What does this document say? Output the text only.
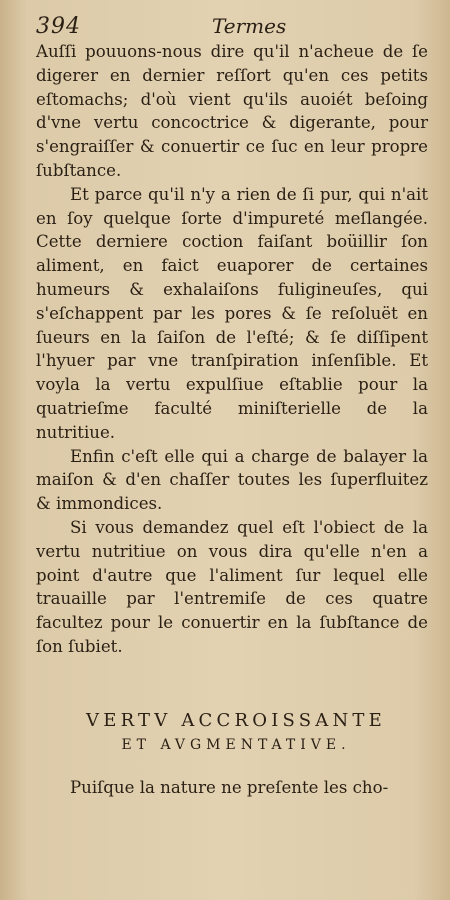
394	Termes

Auſſi pouuons-nous dire qu'il n'acheue de ſe digerer en dernier reſſort qu'en ces petits eſtomachs; d'où vient qu'ils auoiét beſoing d'vne vertu concoctrice & digerante, pour s'engraiſſer & conuertir ce ſuc en leur propre ſubſtance.

Et parce qu'il n'y a rien de ſi pur, qui n'ait en ſoy quelque ſorte d'impureté meſlangée. Cette derniere coction faiſant boüillir ſon aliment, en faict euaporer de certaines humeurs & exhalaiſons fuligineuſes, qui s'eſchappent par les pores & ſe reſoluët en ſueurs en la ſaiſon de l'eſté; & ſe diſſipent l'hyuer par vne tranſpiration inſenſible. Et voyla la vertu expulſiue eſtablie pour la quatrieſme faculté miniſterielle de la nutritiue.

Enfin c'eſt elle qui a charge de balayer la maiſon & d'en chaſſer toutes les ſuperfluitez & immondices.

Si vous demandez quel eſt l'obiect de la vertu nutritiue on vous dira qu'elle n'en a point d'autre que l'aliment ſur lequel elle trauaille par l'entremiſe de ces quatre facultez pour le conuertir en la ſubſtance de ſon ſubiet.

VERTV ACCROISSANTE
ET AVGMENTATIVE.
Puiſque la nature ne preſente les cho-
